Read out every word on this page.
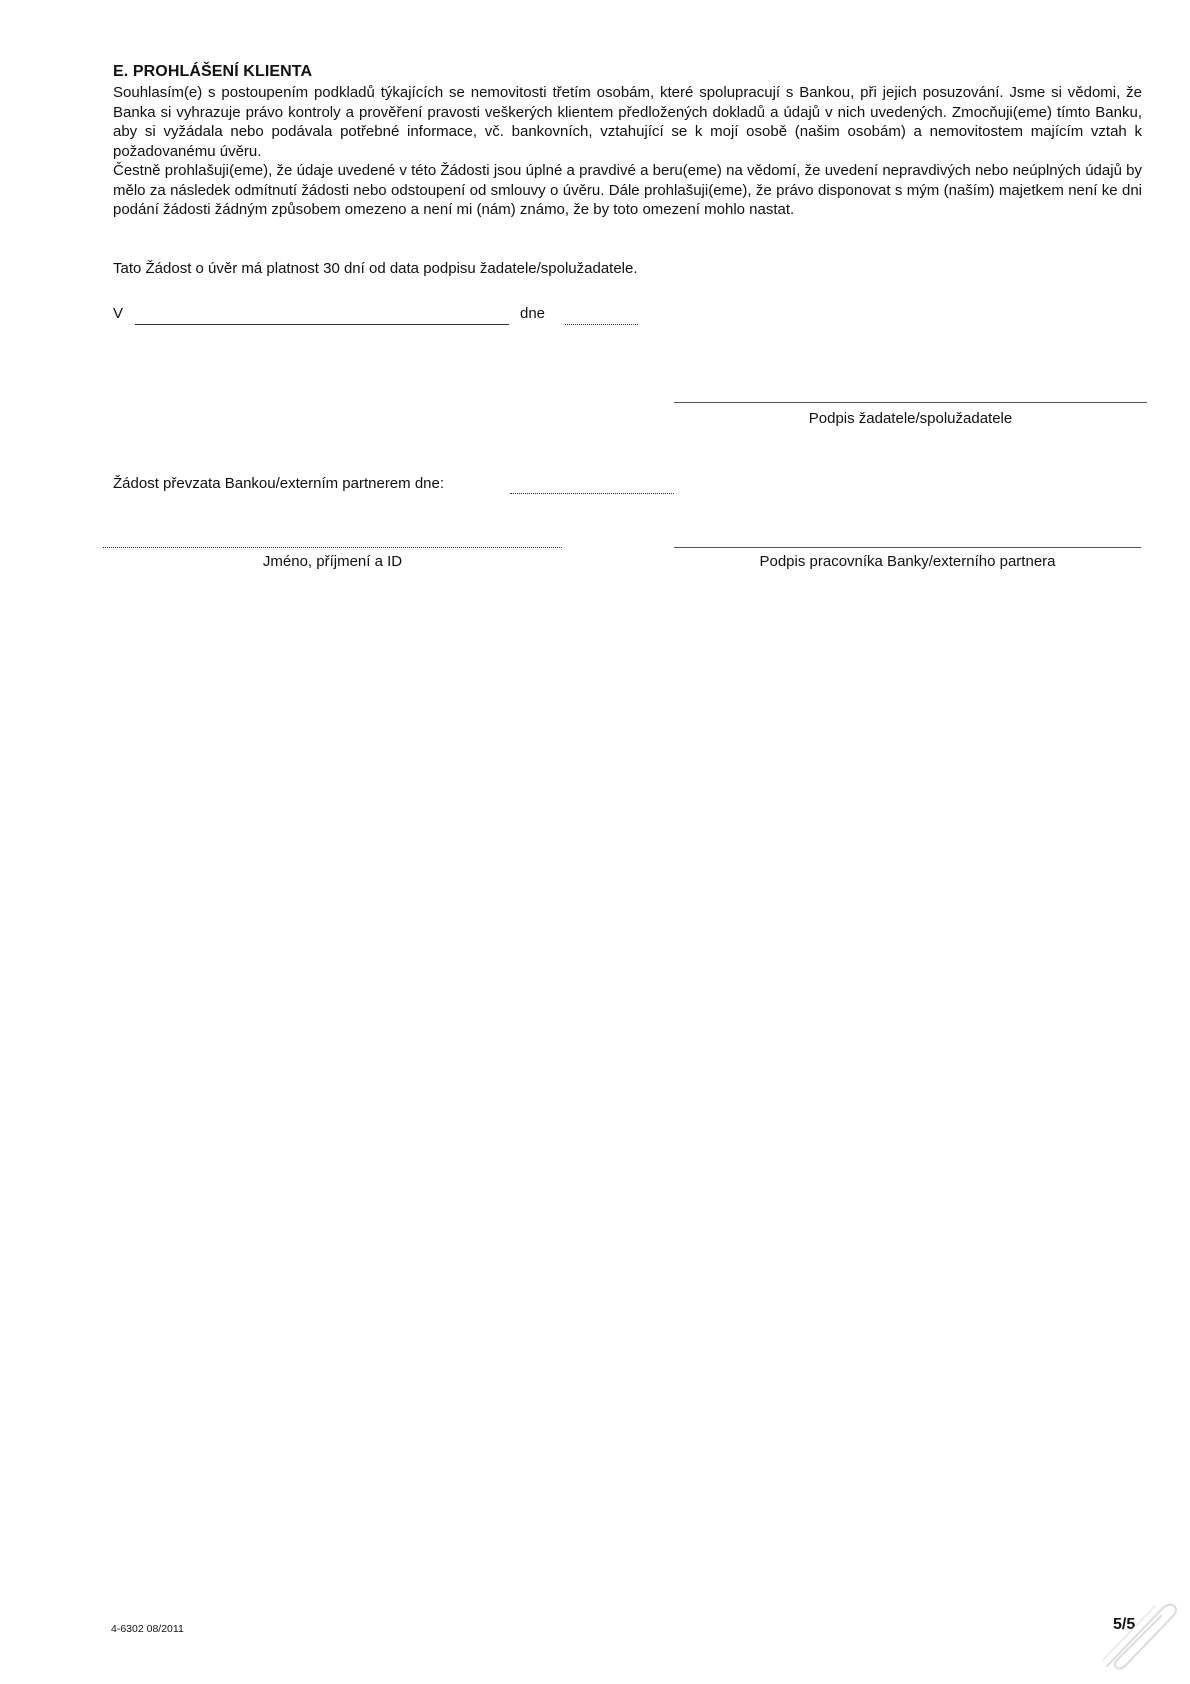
E. PROHLÁŠENÍ KLIENTA

Souhlasím(e) s postoupením podkladů týkajících se nemovitosti třetím osobám, které spolupracují s Bankou, při jejich posuzování. Jsme si vědomi, že Banka si vyhrazuje právo kontroly a prověření pravosti veškerých klientem předložených dokladů a údajů v nich uvedených. Zmocňuji(eme) tímto Banku, aby si vyžádala nebo podávala potřebné informace, vč. bankovních, vztahující se k mojí osobě (našim osobám) a nemovitostem majícím vztah k požadovanému úvěru.

Čestně prohlašuji(eme), že údaje uvedené v této Žádosti jsou úplné a pravdivé a beru(eme) na vědomí, že uvedení nepravdivých nebo neúplných údajů by mělo za následek odmítnutí žádosti nebo odstoupení od smlouvy o úvěru. Dále prohlašuji(eme), že právo disponovat s mým (naším) majetkem není ke dni podání žádosti žádným způsobem omezeno a není mi (nám) známo, že by toto omezení mohlo nastat.

Tato Žádost o úvěr má platnost 30 dní od data podpisu žadatele/spolužadatele.
V	dne
Podpis žadatele/spolužadatele
Žádost převzata Bankou/externím partnerem dne:
Jméno, příjmení a ID	Podpis pracovníka Banky/externího partnera
4-6302 08/2011	5/5
